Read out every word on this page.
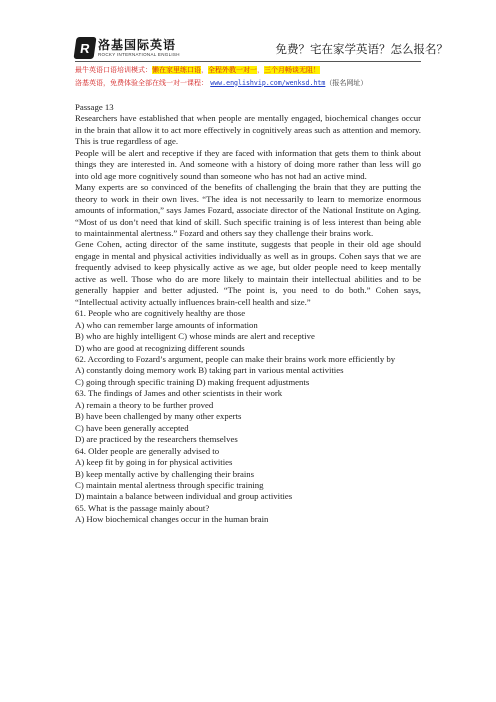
R 洛基国际英语
ROCKY INTERNATIONAL ENGLISH	免费？宅在家学英语？怎么报名？
最牛英语口语培训模式：懒在家里练口语，全程外教一对一，三个月畅谈无阻！
洛基英语，免费体验全部在线一对一课程： www.englishvip.com/wenksd.htm（报名网址）

Passage 13

Researchers have established that when people are mentally engaged, biochemical changes occur in the brain that allow it to act more effectively in cognitively areas such as attention and memory. This is true regardless of age.

People will be alert and receptive if they are faced with information that gets them to think about things they are interested in. And someone with a history of doing more rather than less will go into old age more cognitively sound than someone who has not had an active mind.

Many experts are so convinced of the benefits of challenging the brain that they are putting the theory to work in their own lives. “The idea is not necessarily to learn to memorize enormous amounts of information,” says James Fozard, associate director of the National Institute on Aging. “Most of us don’t need that kind of skill. Such specific training is of less interest than being able to maintainmental alertness.” Fozard and others say they challenge their brains work.

Gene Cohen, acting director of the same institute, suggests that people in their old age should engage in mental and physical activities individually as well as in groups. Cohen says that we are frequently advised to keep physically active as we age, but older people need to keep mentally active as well. Those who do are more likely to maintain their intellectual abilities and to be generally happier and better adjusted. “The point is, you need to do both.” Cohen says, “Intellectual activity actually influences brain-cell health and size.”

61. People who are cognitively healthy are those

A) who can remember large amounts of information

B) who are highly intelligent C) whose minds are alert and receptive

D) who are good at recognizing different sounds

62. According to Fozard’s argument, people can make their brains work more efficiently by

A) constantly doing memory work B) taking part in various mental activities

C) going through specific training D) making frequent adjustments

63. The findings of James and other scientists in their work

A) remain a theory to be further proved

B) have been challenged by many other experts

C) have been generally accepted

D) are practiced by the researchers themselves

64. Older people are generally advised to

A) keep fit by going in for physical activities

B) keep mentally active by challenging their brains

C) maintain mental alertness through specific training

D) maintain a balance between individual and group activities

65. What is the passage mainly about?

A) How biochemical changes occur in the human brain
